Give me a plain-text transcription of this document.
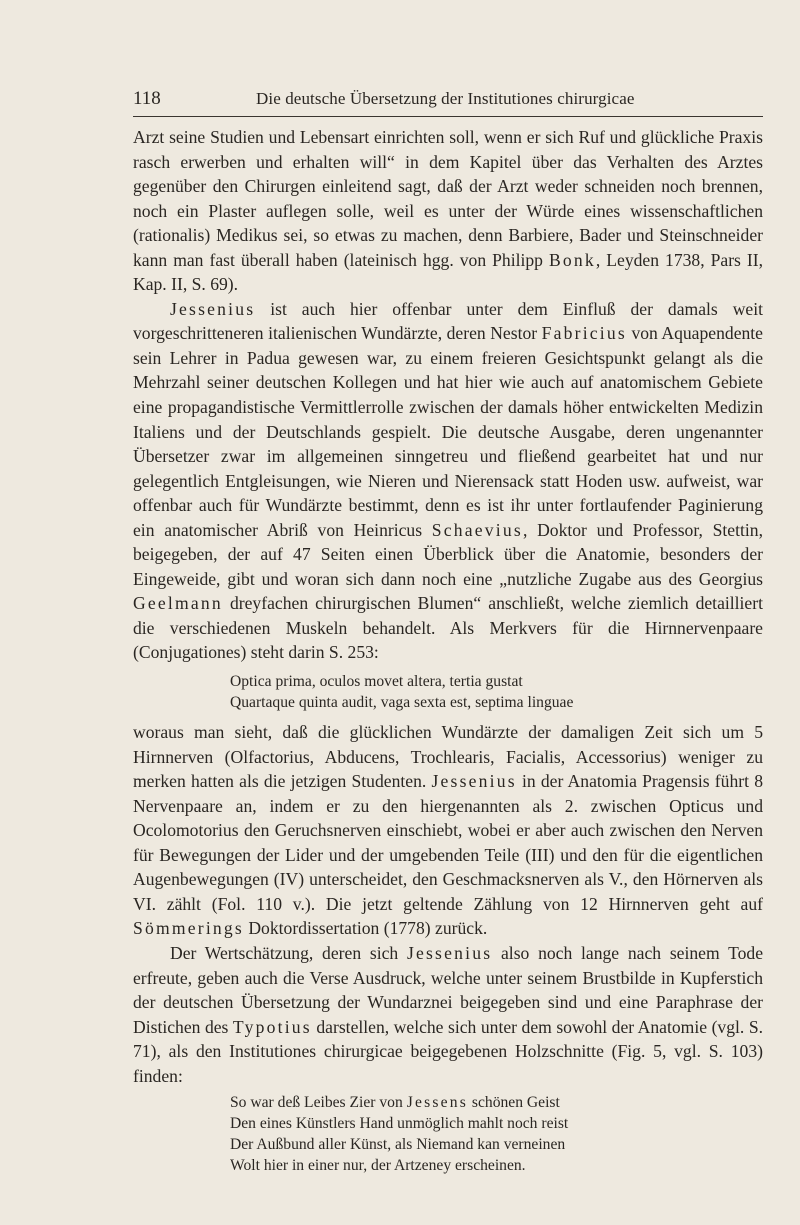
118	Die deutsche Übersetzung der Institutiones chirurgicae

Arzt seine Studien und Lebensart einrichten soll, wenn er sich Ruf und glückliche Praxis rasch erwerben und erhalten will“ in dem Kapitel über das Verhalten des Arztes gegenüber den Chirurgen einleitend sagt, daß der Arzt weder schneiden noch brennen, noch ein Plaster auflegen solle, weil es unter der Würde eines wissenschaftlichen (rationalis) Medikus sei, so etwas zu machen, denn Barbiere, Bader und Steinschneider kann man fast überall haben (lateinisch hgg. von Philipp Bonk, Leyden 1738, Pars II, Kap. II, S. 69).

Jessenius ist auch hier offenbar unter dem Einfluß der damals weit vorgeschritteneren italienischen Wundärzte, deren Nestor Fabricius von Aquapendente sein Lehrer in Padua gewesen war, zu einem freieren Gesichtspunkt gelangt als die Mehrzahl seiner deutschen Kollegen und hat hier wie auch auf anatomischem Gebiete eine propagandistische Vermittlerrolle zwischen der damals höher entwickelten Medizin Italiens und der Deutschlands gespielt. Die deutsche Ausgabe, deren ungenannter Übersetzer zwar im allgemeinen sinngetreu und fließend gearbeitet hat und nur gelegentlich Entgleisungen, wie Nieren und Nierensack statt Hoden usw. aufweist, war offenbar auch für Wundärzte bestimmt, denn es ist ihr unter fortlaufender Paginierung ein anatomischer Abriß von Heinricus Schaevius, Doktor und Professor, Stettin, beigegeben, der auf 47 Seiten einen Überblick über die Anatomie, besonders der Eingeweide, gibt und woran sich dann noch eine „nutzliche Zugabe aus des Georgius Geelmann dreyfachen chirurgischen Blumen“ anschließt, welche ziemlich detailliert die verschiedenen Muskeln behandelt. Als Merkvers für die Hirnnervenpaare (Conjugationes) steht darin S. 253:

Optica prima, oculos movet altera, tertia gustat
Quartaque quinta audit, vaga sexta est, septima linguae

woraus man sieht, daß die glücklichen Wundärzte der damaligen Zeit sich um 5 Hirnnerven (Olfactorius, Abducens, Trochlearis, Facialis, Accessorius) weniger zu merken hatten als die jetzigen Studenten. Jessenius in der Anatomia Pragensis führt 8 Nervenpaare an, indem er zu den hiergenannten als 2. zwischen Opticus und Ocolomotorius den Geruchsnerven einschiebt, wobei er aber auch zwischen den Nerven für Bewegungen der Lider und der umgebenden Teile (III) und den für die eigentlichen Augenbewegungen (IV) unterscheidet, den Geschmacksnerven als V., den Hörnerven als VI. zählt (Fol. 110 v.). Die jetzt geltende Zählung von 12 Hirnnerven geht auf Sömmerings Doktordissertation (1778) zurück.

Der Wertschätzung, deren sich Jessenius also noch lange nach seinem Tode erfreute, geben auch die Verse Ausdruck, welche unter seinem Brustbilde in Kupferstich der deutschen Übersetzung der Wundarznei beigegeben sind und eine Paraphrase der Distichen des Typotius darstellen, welche sich unter dem sowohl der Anatomie (vgl. S. 71), als den Institutiones chirurgicae beigegebenen Holzschnitte (Fig. 5, vgl. S. 103) finden:

So war deß Leibes Zier von Jessens schönen Geist
Den eines Künstlers Hand unmöglich mahlt noch reist
Der Außbund aller Künst, als Niemand kan verneinen
Wolt hier in einer nur, der Artzeney erscheinen.
